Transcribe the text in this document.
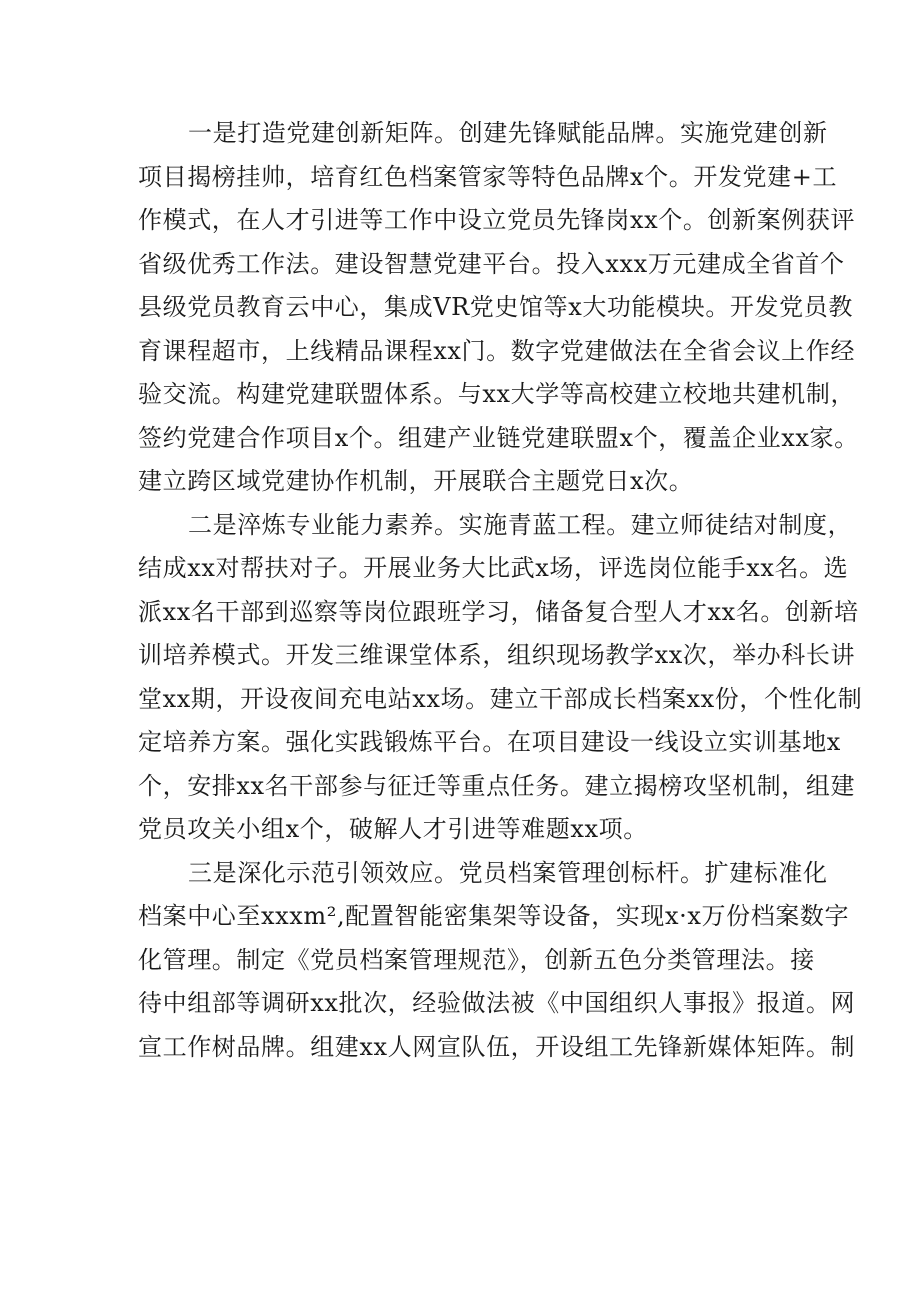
一是打造党建创新矩阵。创建先锋赋能品牌。实施党建创新
项目揭榜挂帅，培育红色档案管家等特色品牌x个。开发党建+工
作模式，在人才引进等工作中设立党员先锋岗xx个。创新案例获评
省级优秀工作法。建设智慧党建平台。投入xxx万元建成全省首个
县级党员教育云中心，集成VR党史馆等x大功能模块。开发党员教
育课程超市，上线精品课程xx门。数字党建做法在全省会议上作经
验交流。构建党建联盟体系。与xx大学等高校建立校地共建机制，
签约党建合作项目x个。组建产业链党建联盟x个，覆盖企业xx家。
建立跨区域党建协作机制，开展联合主题党日x次。

二是淬炼专业能力素养。实施青蓝工程。建立师徒结对制度，
结成xx对帮扶对子。开展业务大比武x场，评选岗位能手xx名。选
派xx名干部到巡察等岗位跟班学习，储备复合型人才xx名。创新培
训培养模式。开发三维课堂体系，组织现场教学xx次，举办科长讲
堂xx期，开设夜间充电站xx场。建立干部成长档案xx份，个性化制
定培养方案。强化实践锻炼平台。在项目建设一线设立实训基地x
个，安排xx名干部参与征迁等重点任务。建立揭榜攻坚机制，组建
党员攻关小组x个，破解人才引进等难题xx项。

三是深化示范引领效应。党员档案管理创标杆。扩建标准化
档案中心至xxxm²,配置智能密集架等设备，实现x·x万份档案数字
化管理。制定《党员档案管理规范》，创新五色分类管理法。接
待中组部等调研xx批次，经验做法被《中国组织人事报》报道。网
宣工作树品牌。组建xx人网宣队伍，开设组工先锋新媒体矩阵。制
